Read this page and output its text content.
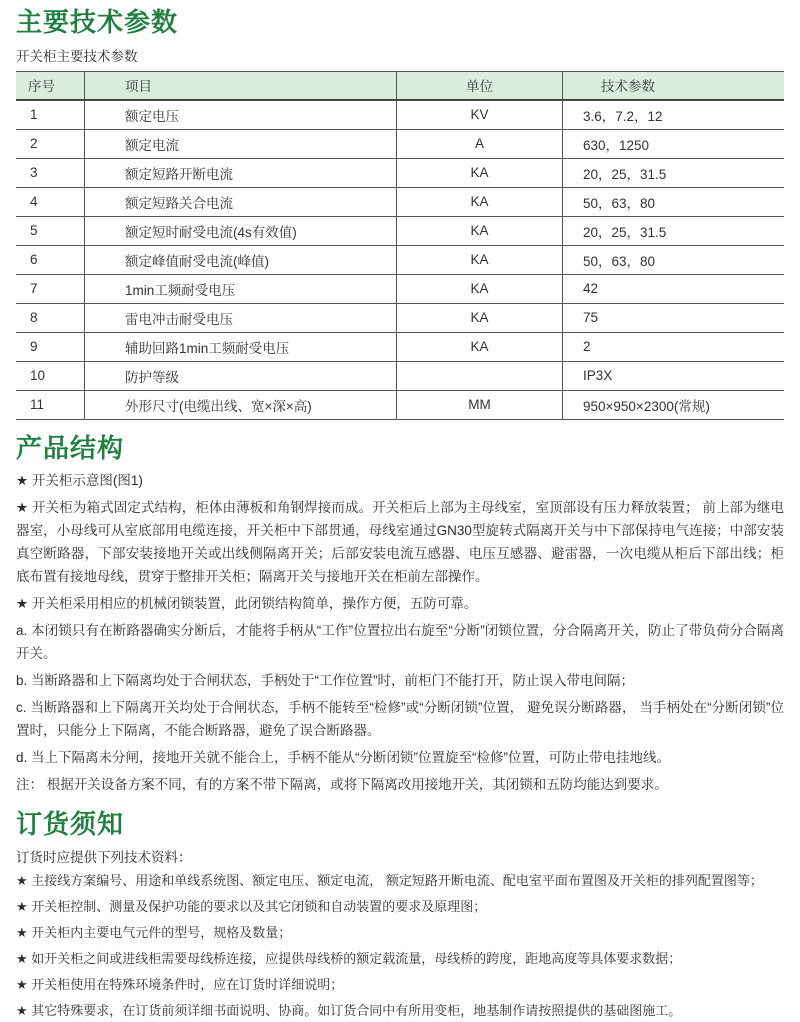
主要技术参数
开关柜主要技术参数
序号	项目	单位	技术参数
1	额定电压	KV	3.6，7.2，12
2	额定电流	A	630，1250
3	额定短路开断电流	KA	20，25，31.5
4	额定短路关合电流	KA	50，63，80
5	额定短时耐受电流(4s有效值)	KA	20，25，31.5
6	额定峰值耐受电流(峰值)	KA	50，63，80
7	1min工频耐受电压	KA	42
8	雷电冲击耐受电压	KA	75
9	辅助回路1min工频耐受电压	KA	2
10	防护等级		IP3X
11	外形尺寸(电缆出线、宽×深×高)	MM	950×950×2300(常规)
产品结构

★ 开关柜示意图(图1)

★ 开关柜为箱式固定式结构，柜体由薄板和角钢焊接而成。开关柜后上部为主母线室，室顶部设有压力释放装置； 前上部为继电器室，小母线可从室底部用电缆连接，开关柜中下部贯通，母线室通过GN30型旋转式隔离开关与中下部保持电气连接；中部安装真空断路器，下部安装接地开关或出线侧隔离开关；后部安装电流互感器、电压互感器、避雷器，一次电缆从柜后下部出线；柜底布置有接地母线，贯穿于整排开关柜；隔离开关与接地开关在柜前左部操作。

★ 开关柜采用相应的机械闭锁装置，此闭锁结构简单，操作方便，五防可靠。

a. 本闭锁只有在断路器确实分断后，才能将手柄从“工作”位置拉出右旋至“分断”闭锁位置，分合隔离开关，防止了带负荷分合隔离开关。

b. 当断路器和上下隔离均处于合闸状态，手柄处于“工作位置”时，前柜门不能打开，防止误入带电间隔；

c. 当断路器和上下隔离开关均处于合闸状态，手柄不能转至“检修”或“分断闭锁”位置， 避免误分断路器， 当手柄处在“分断闭锁”位置时，只能分上下隔离，不能合断路器，避免了误合断路器。

d. 当上下隔离未分闸，接地开关就不能合上，手柄不能从“分断闭锁”位置旋至“检修”位置，可防止带电挂地线。

注： 根据开关设备方案不同，有的方案不带下隔离，或将下隔离改用接地开关，其闭锁和五防均能达到要求。

订货须知
订货时应提供下列技术资料：

★ 主接线方案编号、用途和单线系统图、额定电压、额定电流， 额定短路开断电流、配电室平面布置图及开关柜的排列配置图等；

★ 开关柜控制、测量及保护功能的要求以及其它闭锁和自动装置的要求及原理图；

★ 开关柜内主要电气元件的型号，规格及数量；

★ 如开关柜之间或进线柜需要母线桥连接，应提供母线桥的额定载流量，母线桥的跨度，距地高度等具体要求数据；

★ 开关柜使用在特殊环境条件时，应在订货时详细说明；

★ 其它特殊要求，在订货前须详细书面说明、协商。如订货合同中有所用变柜，地基制作请按照提供的基础图施工。
